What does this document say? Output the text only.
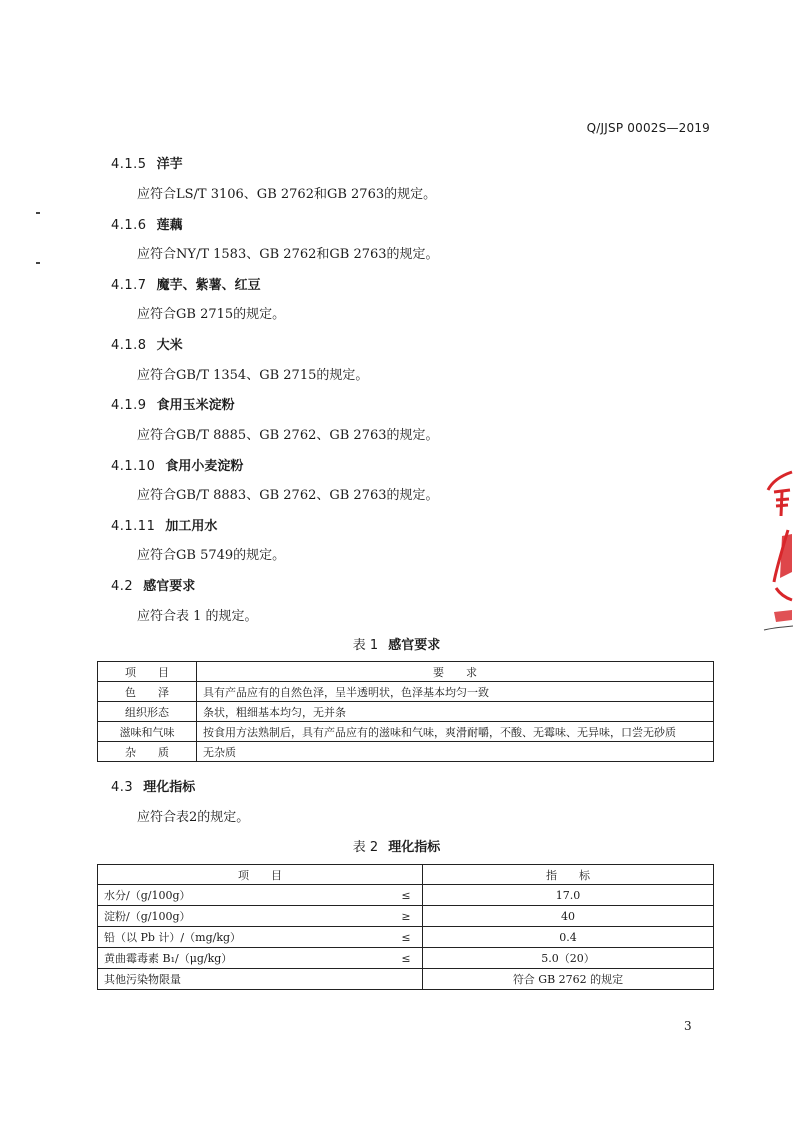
Q/JJSP 0002S—2019
4.1.5 洋芋
应符合LS/T 3106、GB 2762和GB 2763的规定。
4.1.6 莲藕
应符合NY/T 1583、GB 2762和GB 2763的规定。
4.1.7 魔芋、紫薯、红豆
应符合GB 2715的规定。
4.1.8 大米
应符合GB/T 1354、GB 2715的规定。
4.1.9 食用玉米淀粉
应符合GB/T 8885、GB 2762、GB 2763的规定。
4.1.10 食用小麦淀粉
应符合GB/T 8883、GB 2762、GB 2763的规定。
4.1.11 加工用水
应符合GB 5749的规定。
4.2 感官要求
应符合表 1 的规定。
表 1 感官要求
项　　目	要　　求
色　　泽	具有产品应有的自然色泽，呈半透明状，色泽基本均匀一致
组织形态	条状，粗细基本均匀，无并条
滋味和气味	按食用方法熟制后，具有产品应有的滋味和气味，爽滑耐嚼，不酸、无霉味、无异味，口尝无砂质
杂　　质	无杂质
4.3 理化指标
应符合表2的规定。
表 2 理化指标
项　　目		指　　标
水分/（g/100g）	≤	17.0
淀粉/（g/100g）	≥	40
铅（以 Pb 计）/（mg/kg）	≤	0.4
黄曲霉毒素 B₁/（μg/kg）	≤	5.0（20）
其他污染物限量		符合 GB 2762 的规定
3
